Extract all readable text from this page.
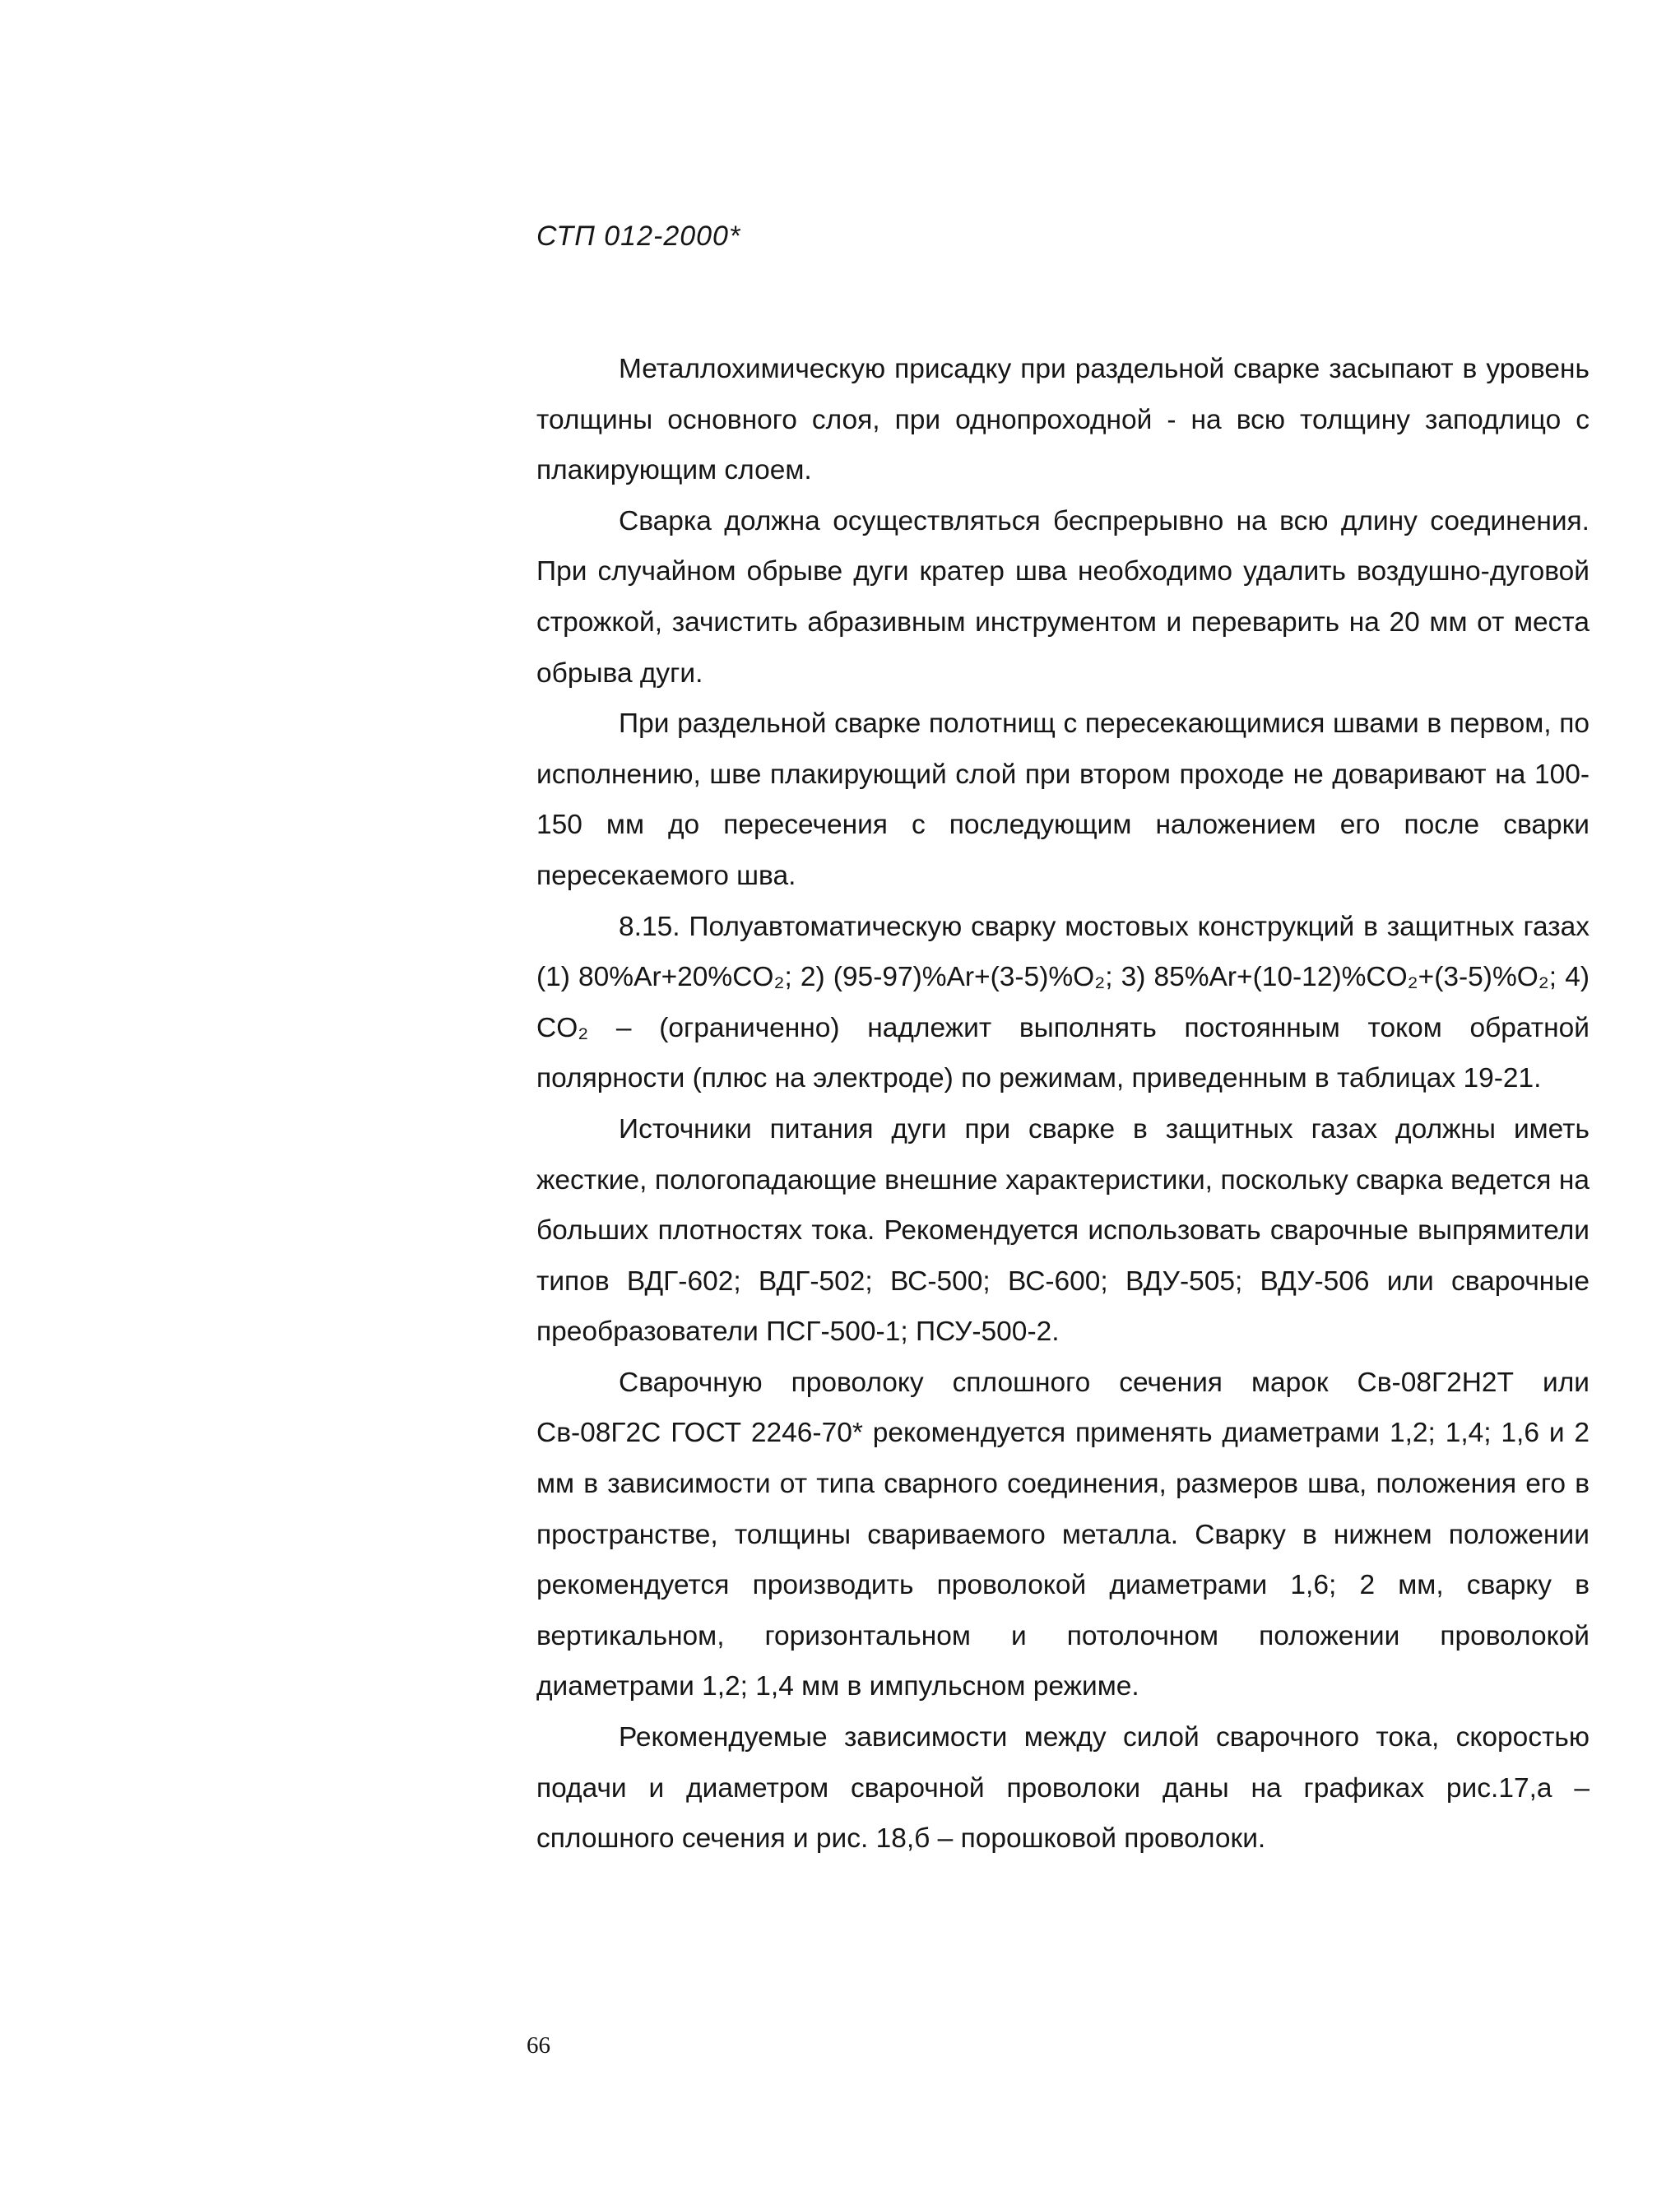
СТП 012-2000*

Металлохимическую присадку при раздельной сварке засыпают в уровень толщины основного слоя, при однопроходной - на всю толщину заподлицо с плакирующим слоем.

Сварка должна осуществляться беспрерывно на всю длину соединения. При случайном обрыве дуги кратер шва необходимо удалить воздушно-дуговой строжкой, зачистить абразивным инструментом и переварить на 20 мм от места обрыва дуги.

При раздельной сварке полотнищ с пересекающимися швами в первом, по исполнению, шве плакирующий слой при втором проходе не доваривают на 100-150 мм до пересечения с последующим наложением его после сварки пересекаемого шва.

8.15. Полуавтоматическую сварку мостовых конструкций в защитных газах (1) 80%Ar+20%CO₂; 2) (95-97)%Ar+(3-5)%O₂; 3) 85%Ar+(10-12)%CO₂+(3-5)%O₂; 4) CO₂ – (ограниченно) надлежит выполнять постоянным током обратной полярности (плюс на электроде) по режимам, приведенным в таблицах 19-21.

Источники питания дуги при сварке в защитных газах должны иметь жесткие, пологопадающие внешние характеристики, поскольку сварка ведется на больших плотностях тока. Рекомендуется использовать сварочные выпрямители типов ВДГ-602; ВДГ-502; ВС-500; ВС-600; ВДУ-505; ВДУ-506 или сварочные преобразователи ПСГ-500-1; ПСУ-500-2.

Сварочную проволоку сплошного сечения марок Св-08Г2Н2Т или Св-08Г2С ГОСТ 2246-70* рекомендуется применять диаметрами 1,2; 1,4; 1,6 и 2 мм в зависимости от типа сварного соединения, размеров шва, положения его в пространстве, толщины свариваемого металла. Сварку в нижнем положении рекомендуется производить проволокой диаметрами 1,6; 2 мм, сварку в вертикальном, горизонтальном и потолочном положении проволокой диаметрами 1,2; 1,4 мм в импульсном режиме.

Рекомендуемые зависимости между силой сварочного тока, скоростью подачи и диаметром сварочной проволоки даны на графиках рис.17,а – сплошного сечения и рис. 18,б – порошковой проволоки.

66
